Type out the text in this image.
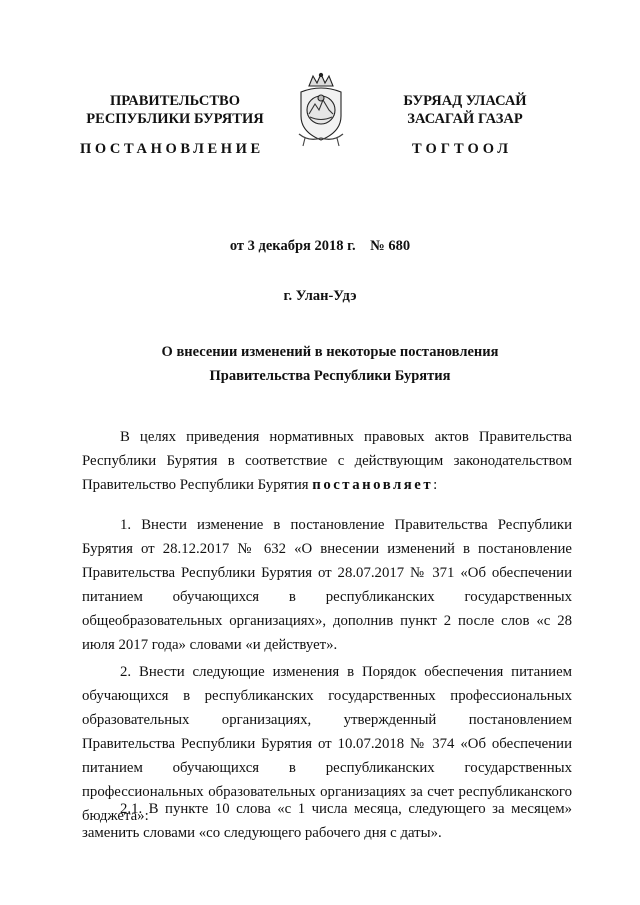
ПРАВИТЕЛЬСТВО
РЕСПУБЛИКИ БУРЯТИЯ
БУРЯАД УЛАСАЙ
ЗАСАГАЙ ГАЗАР
ПОСТАНОВЛЕНИЕ	ТОГТООЛ
от 3 декабря 2018 г.    № 680
г. Улан-Удэ
О внесении изменений в некоторые постановления
Правительства Республики Бурятия

В целях приведения нормативных правовых актов Правительства Республики Бурятия в соответствие с действующим законодательством Правительство Республики Бурятия постановляет:

1. Внести изменение в постановление Правительства Республики Бурятия от 28.12.2017 № 632 «О внесении изменений в постановление Правительства Республики Бурятия от 28.07.2017 № 371 «Об обеспечении питанием обучающихся в республиканских государственных общеобразовательных организациях», дополнив пункт 2 после слов «с 28 июля 2017 года» словами «и действует».

2. Внести следующие изменения в Порядок обеспечения питанием обучающихся в республиканских государственных профессиональных образовательных организациях, утвержденный постановлением Правительства Республики Бурятия от 10.07.2018 № 374 «Об обеспечении питанием обучающихся в республиканских государственных профессиональных образовательных организациях за счет республиканского бюджета»:

2.1. В пункте 10 слова «с 1 числа месяца, следующего за месяцем» заменить словами «со следующего рабочего дня с даты».
